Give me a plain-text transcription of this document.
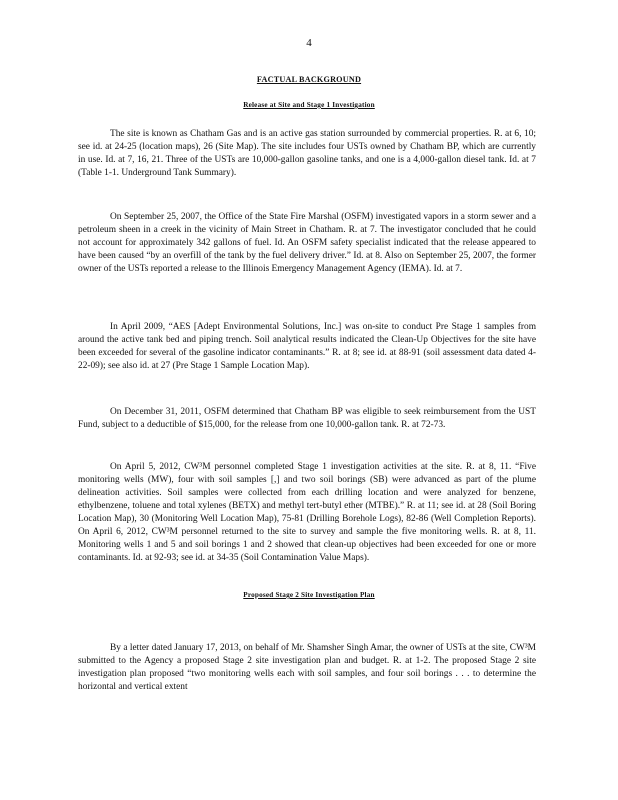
4
FACTUAL BACKGROUND
Release at Site and Stage 1 Investigation

The site is known as Chatham Gas and is an active gas station surrounded by commercial properties. R. at 6, 10; see id. at 24-25 (location maps), 26 (Site Map). The site includes four USTs owned by Chatham BP, which are currently in use. Id. at 7, 16, 21. Three of the USTs are 10,000-gallon gasoline tanks, and one is a 4,000-gallon diesel tank. Id. at 7 (Table 1-1. Underground Tank Summary).

On September 25, 2007, the Office of the State Fire Marshal (OSFM) investigated vapors in a storm sewer and a petroleum sheen in a creek in the vicinity of Main Street in Chatham. R. at 7. The investigator concluded that he could not account for approximately 342 gallons of fuel. Id. An OSFM safety specialist indicated that the release appeared to have been caused “by an overfill of the tank by the fuel delivery driver.” Id. at 8. Also on September 25, 2007, the former owner of the USTs reported a release to the Illinois Emergency Management Agency (IEMA). Id. at 7.

In April 2009, “AES [Adept Environmental Solutions, Inc.] was on-site to conduct Pre Stage 1 samples from around the active tank bed and piping trench. Soil analytical results indicated the Clean-Up Objectives for the site have been exceeded for several of the gasoline indicator contaminants.” R. at 8; see id. at 88-91 (soil assessment data dated 4-22-09); see also id. at 27 (Pre Stage 1 Sample Location Map).

On December 31, 2011, OSFM determined that Chatham BP was eligible to seek reimbursement from the UST Fund, subject to a deductible of $15,000, for the release from one 10,000-gallon tank. R. at 72-73.

On April 5, 2012, CW³M personnel completed Stage 1 investigation activities at the site. R. at 8, 11. “Five monitoring wells (MW), four with soil samples [,] and two soil borings (SB) were advanced as part of the plume delineation activities. Soil samples were collected from each drilling location and were analyzed for benzene, ethylbenzene, toluene and total xylenes (BETX) and methyl tert-butyl ether (MTBE).” R. at 11; see id. at 28 (Soil Boring Location Map), 30 (Monitoring Well Location Map), 75-81 (Drilling Borehole Logs), 82-86 (Well Completion Reports). On April 6, 2012, CW³M personnel returned to the site to survey and sample the five monitoring wells. R. at 8, 11. Monitoring wells 1 and 5 and soil borings 1 and 2 showed that clean-up objectives had been exceeded for one or more contaminants. Id. at 92-93; see id. at 34-35 (Soil Contamination Value Maps).

Proposed Stage 2 Site Investigation Plan

By a letter dated January 17, 2013, on behalf of Mr. Shamsher Singh Amar, the owner of USTs at the site, CW³M submitted to the Agency a proposed Stage 2 site investigation plan and budget. R. at 1-2. The proposed Stage 2 site investigation plan proposed “two monitoring wells each with soil samples, and four soil borings . . . to determine the horizontal and vertical extent
